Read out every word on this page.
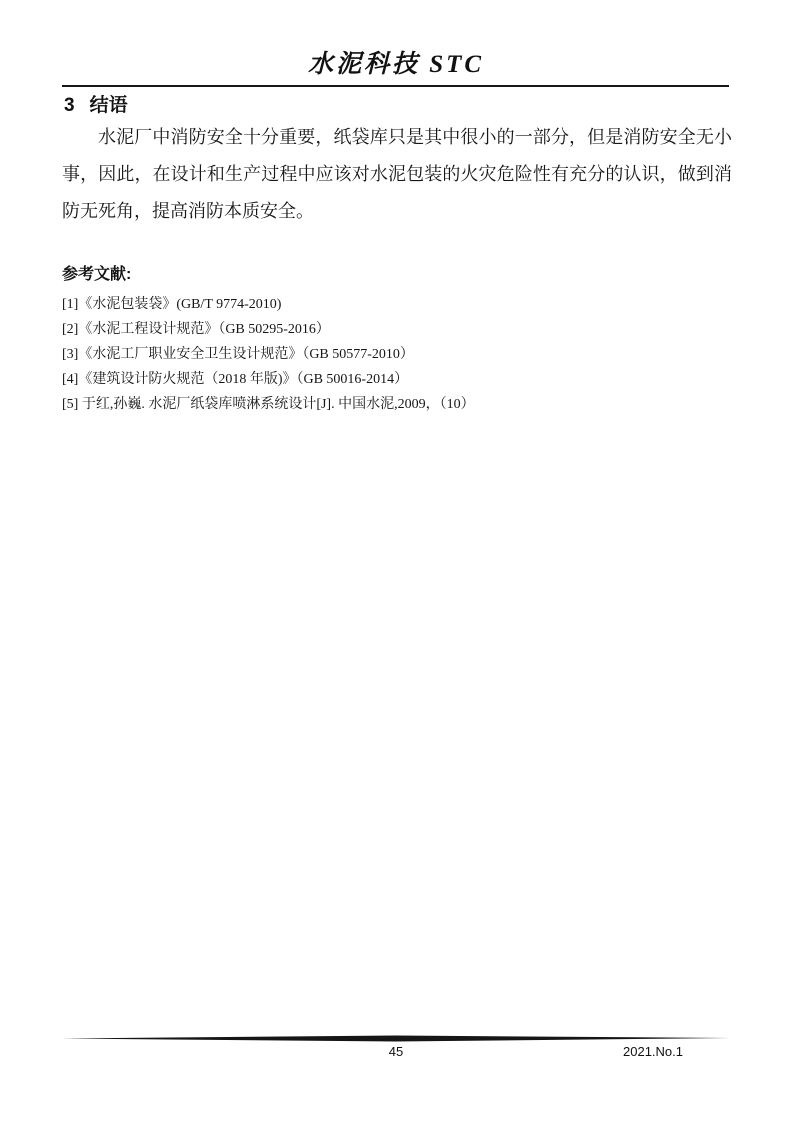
水泥科技 STC
3 结语

水泥厂中消防安全十分重要，纸袋库只是其中很小的一部分，但是消防安全无小事，因此，在设计和生产过程中应该对水泥包装的火灾危险性有充分的认识，做到消防无死角，提高消防本质安全。

参考文献:
[1]《水泥包装袋》(GB/T 9774-2010)
[2]《水泥工程设计规范》（GB 50295-2016）
[3]《水泥工厂职业安全卫生设计规范》（GB 50577-2010）
[4]《建筑设计防火规范（2018 年版)》（GB 50016-2014）
[5] 于红,孙巍. 水泥厂纸袋库喷淋系统设计[J]. 中国水泥,2009，（10）
45	2021.No.1
